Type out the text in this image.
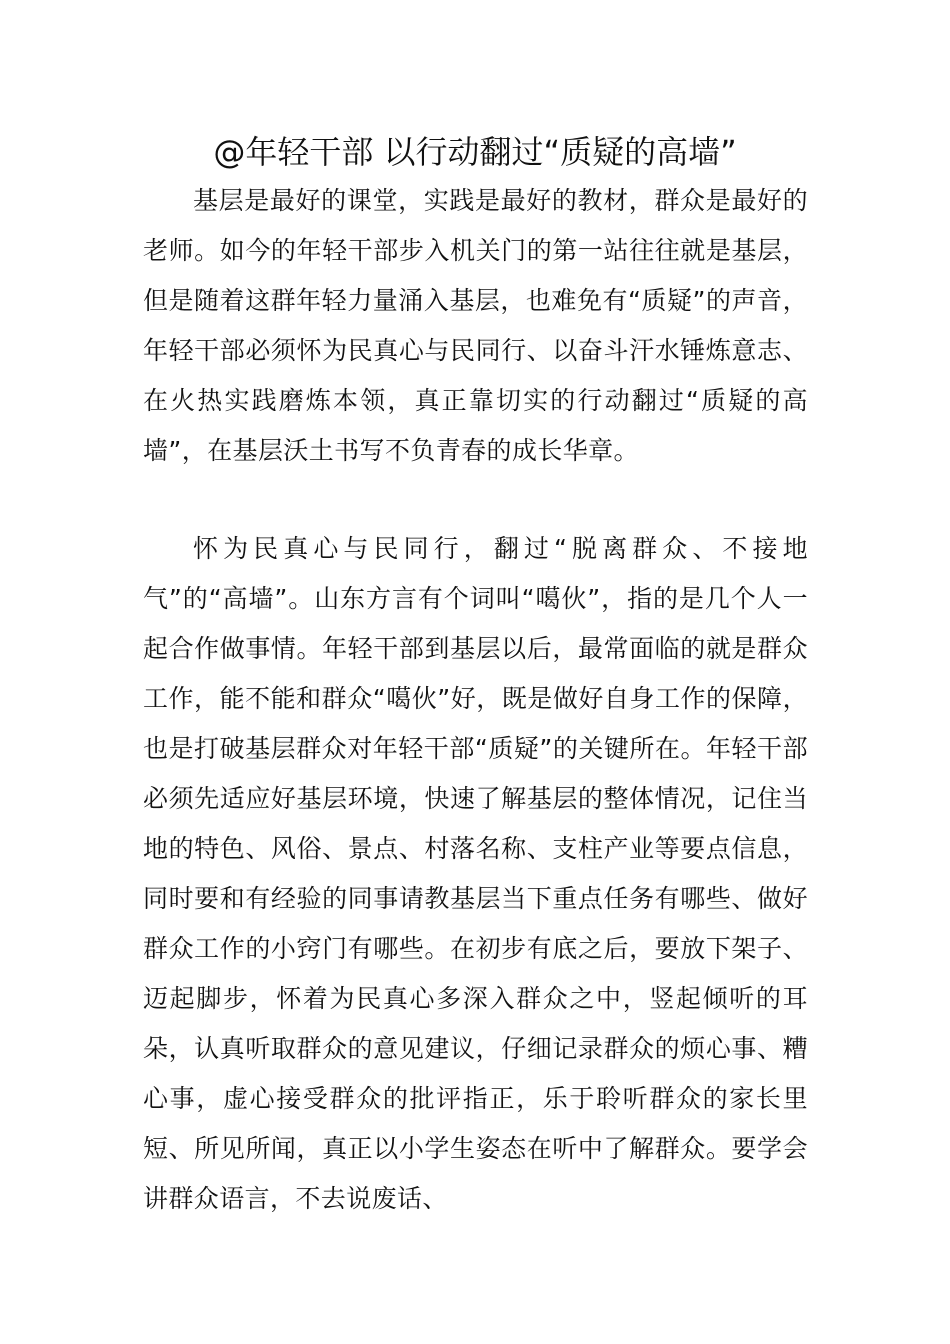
@年轻干部 以行动翻过“质疑的高墙”

基层是最好的课堂，实践是最好的教材，群众是最好的老师。如今的年轻干部步入机关门的第一站往往就是基层，但是随着这群年轻力量涌入基层，也难免有“质疑”的声音，年轻干部必须怀为民真心与民同行、以奋斗汗水锤炼意志、在火热实践磨炼本领，真正靠切实的行动翻过“质疑的高墙”，在基层沃土书写不负青春的成长华章。

怀为民真心与民同行，翻过“脱离群众、不接地气”的“高墙”。山东方言有个词叫“噶伙”，指的是几个人一起合作做事情。年轻干部到基层以后，最常面临的就是群众工作，能不能和群众“噶伙”好，既是做好自身工作的保障，也是打破基层群众对年轻干部“质疑”的关键所在。年轻干部必须先适应好基层环境，快速了解基层的整体情况，记住当地的特色、风俗、景点、村落名称、支柱产业等要点信息，同时要和有经验的同事请教基层当下重点任务有哪些、做好群众工作的小窍门有哪些。在初步有底之后，要放下架子、迈起脚步，怀着为民真心多深入群众之中，竖起倾听的耳朵，认真听取群众的意见建议，仔细记录群众的烦心事、糟心事，虚心接受群众的批评指正，乐于聆听群众的家长里短、所见所闻，真正以小学生姿态在听中了解群众。要学会讲群众语言，不去说废话、
